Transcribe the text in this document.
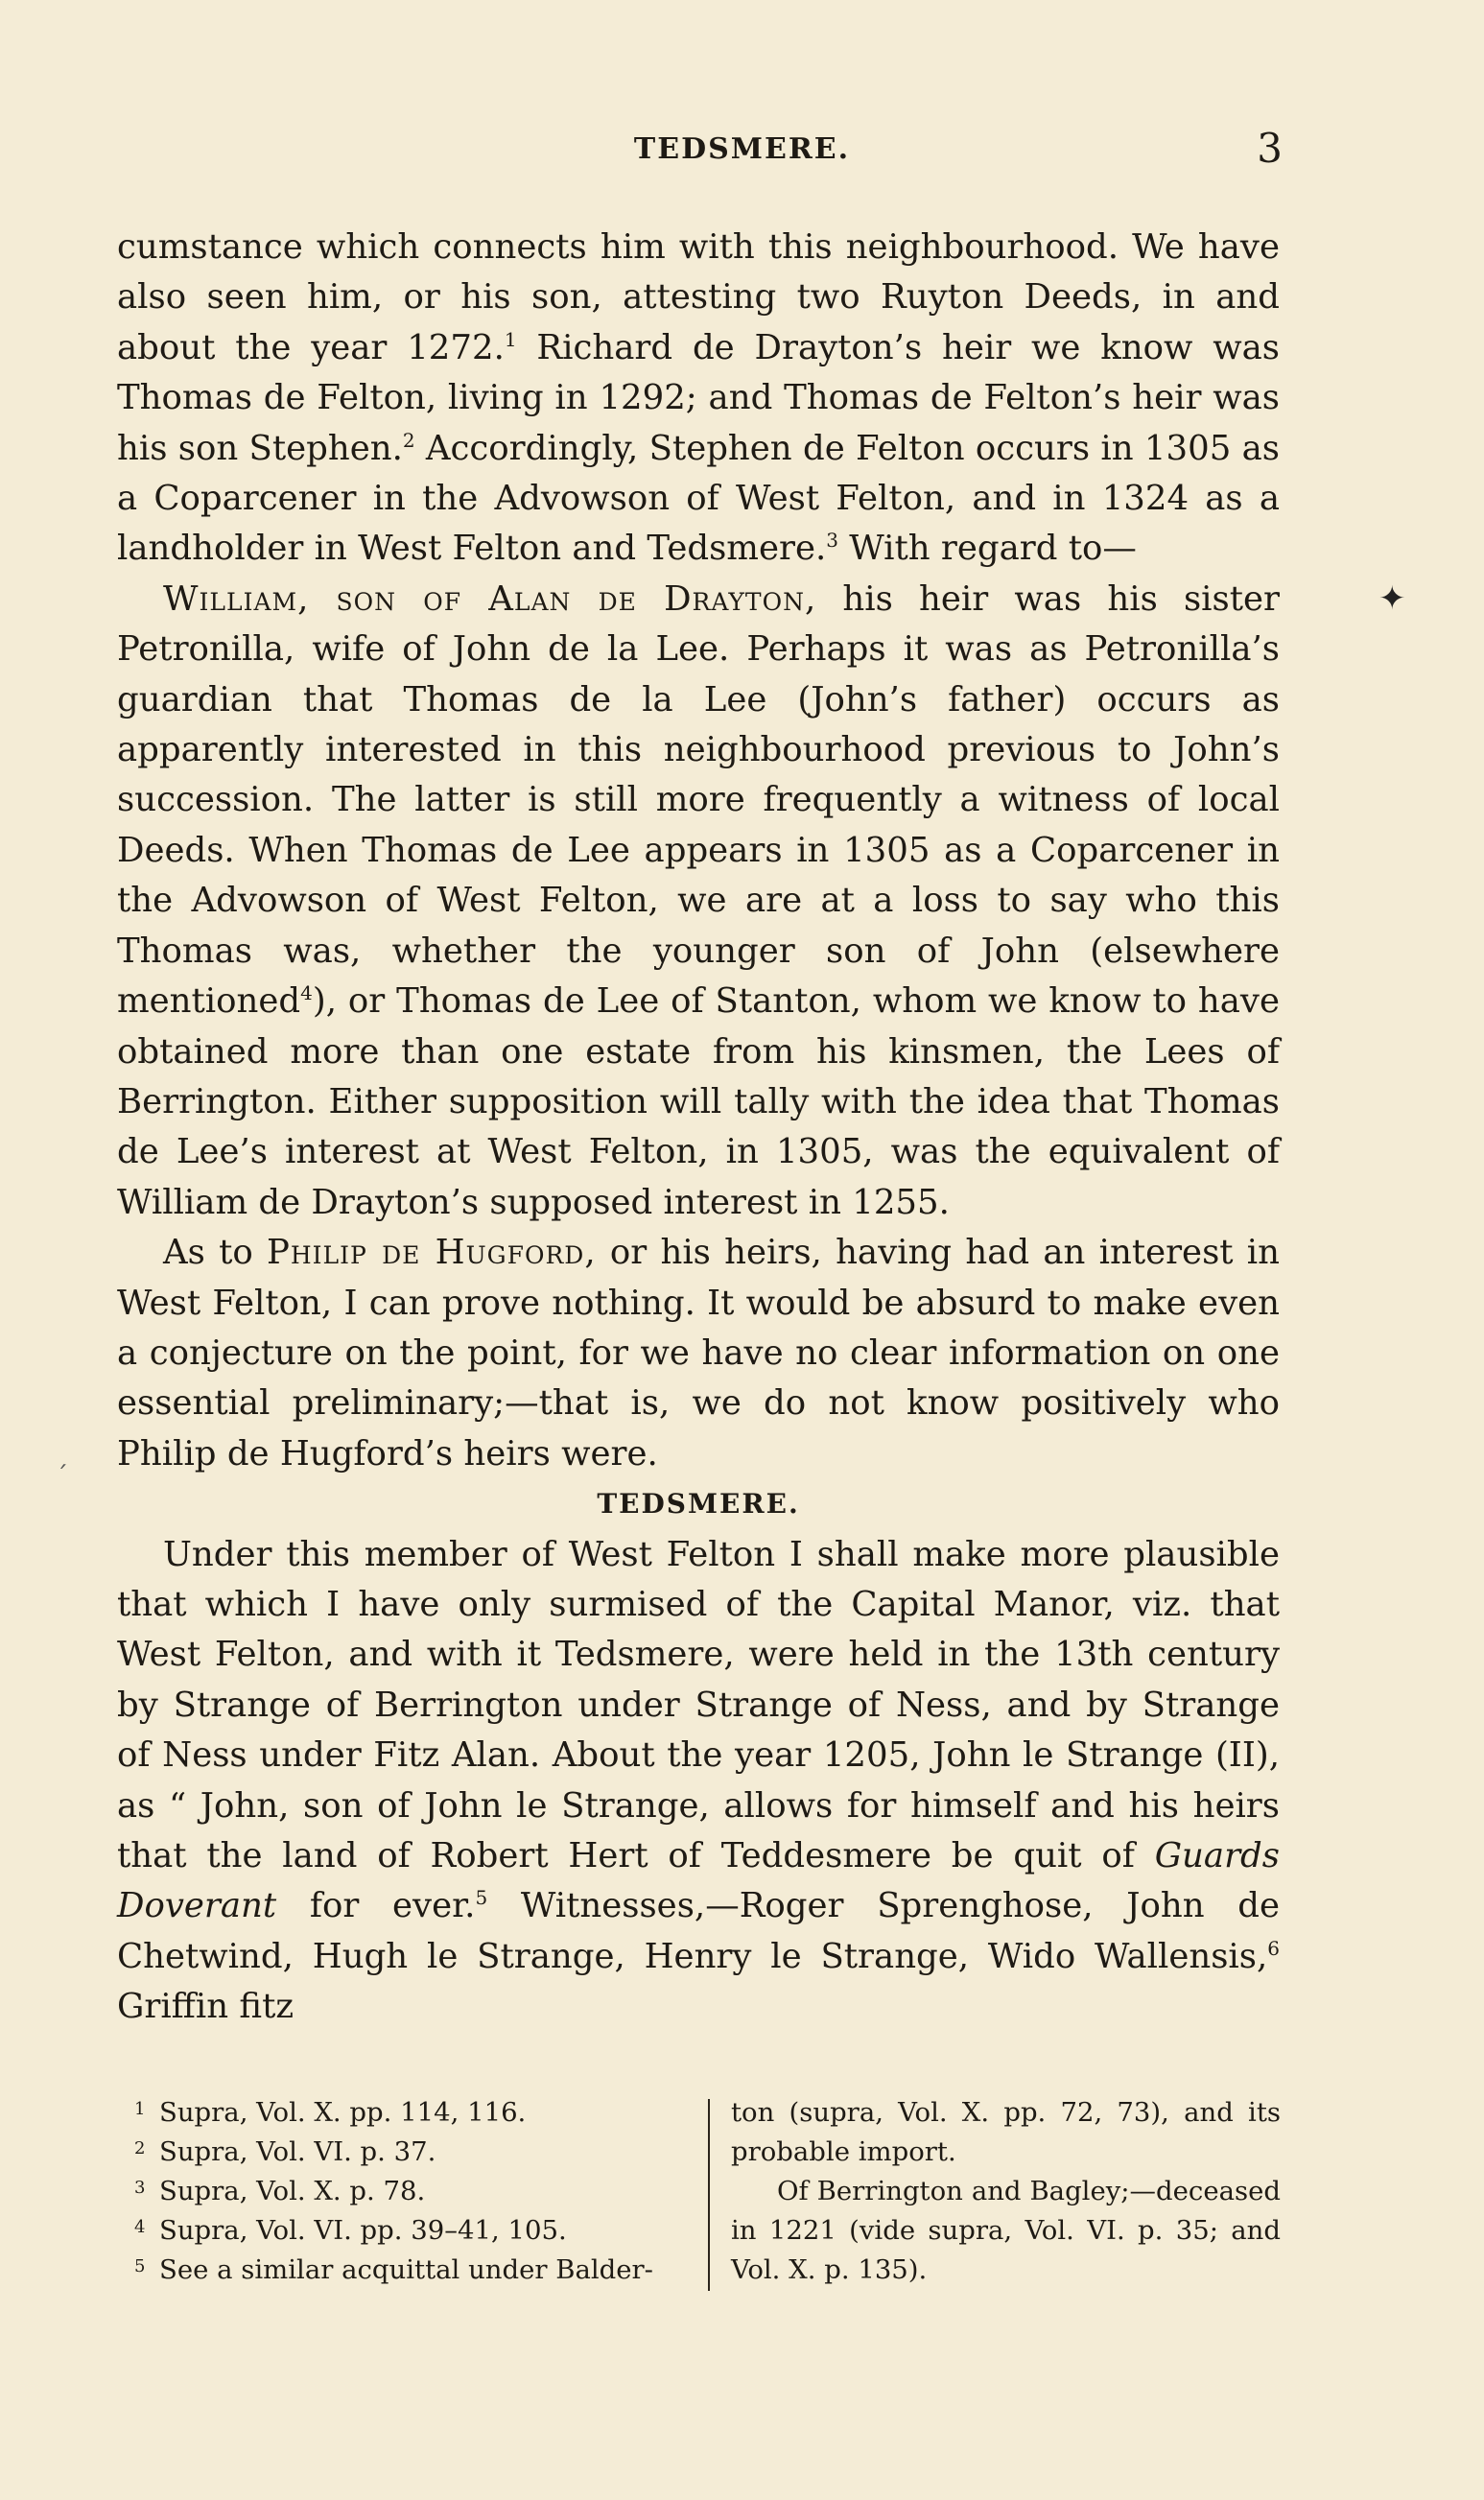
TEDSMERE.	3
✦
ˊ

cumstance which connects him with this neighbourhood. We have also seen him, or his son, attesting two Ruyton Deeds, in and about the year 1272.$^1$ Richard de Drayton’s heir we know was Thomas de Felton, living in 1292; and Thomas de Felton’s heir was his son Stephen.$^2$ Accordingly, Stephen de Felton occurs in 1305 as a Coparcener in the Advowson of West Felton, and in 1324 as a landholder in West Felton and Tedsmere.$^3$ With regard to—

William, son of Alan de Drayton, his heir was his sister Petronilla, wife of John de la Lee. Perhaps it was as Petronilla’s guardian that Thomas de la Lee (John’s father) occurs as apparently interested in this neighbourhood previous to John’s succession. The latter is still more frequently a witness of local Deeds. When Thomas de Lee appears in 1305 as a Coparcener in the Advowson of West Felton, we are at a loss to say who this Thomas was, whether the younger son of John (elsewhere mentioned$^4$), or Thomas de Lee of Stanton, whom we know to have obtained more than one estate from his kinsmen, the Lees of Berrington. Either supposition will tally with the idea that Thomas de Lee’s interest at West Felton, in 1305, was the equivalent of William de Drayton’s supposed interest in 1255.

As to Philip de Hugford, or his heirs, having had an interest in West Felton, I can prove nothing. It would be absurd to make even a conjecture on the point, for we have no clear information on one essential preliminary;—that is, we do not know positively who Philip de Hugford’s heirs were.

TEDSMERE.

Under this member of West Felton I shall make more plausible that which I have only surmised of the Capital Manor, viz. that West Felton, and with it Tedsmere, were held in the 13th century by Strange of Berrington under Strange of Ness, and by Strange of Ness under Fitz Alan. About the year 1205, John le Strange (II), as “ John, son of John le Strange, allows for himself and his heirs that the land of Robert Hert of Teddesmere be quit of Guards Doverant for ever.$^5$ Witnesses,—Roger Sprenghose, John de Chetwind, Hugh le Strange, Henry le Strange, Wido Wallensis,$^6$ Griffin fitz

1 Supra, Vol. X. pp. 114, 116.

2 Supra, Vol. VI. p. 37.

3 Supra, Vol. X. p. 78.

4 Supra, Vol. VI. pp. 39–41, 105.

5 See a similar acquittal under Balder-

ton (supra, Vol. X. pp. 72, 73), and its probable import.

Of Berrington and Bagley;—deceased in 1221 (vide supra, Vol. VI. p. 35; and Vol. X. p. 135).
